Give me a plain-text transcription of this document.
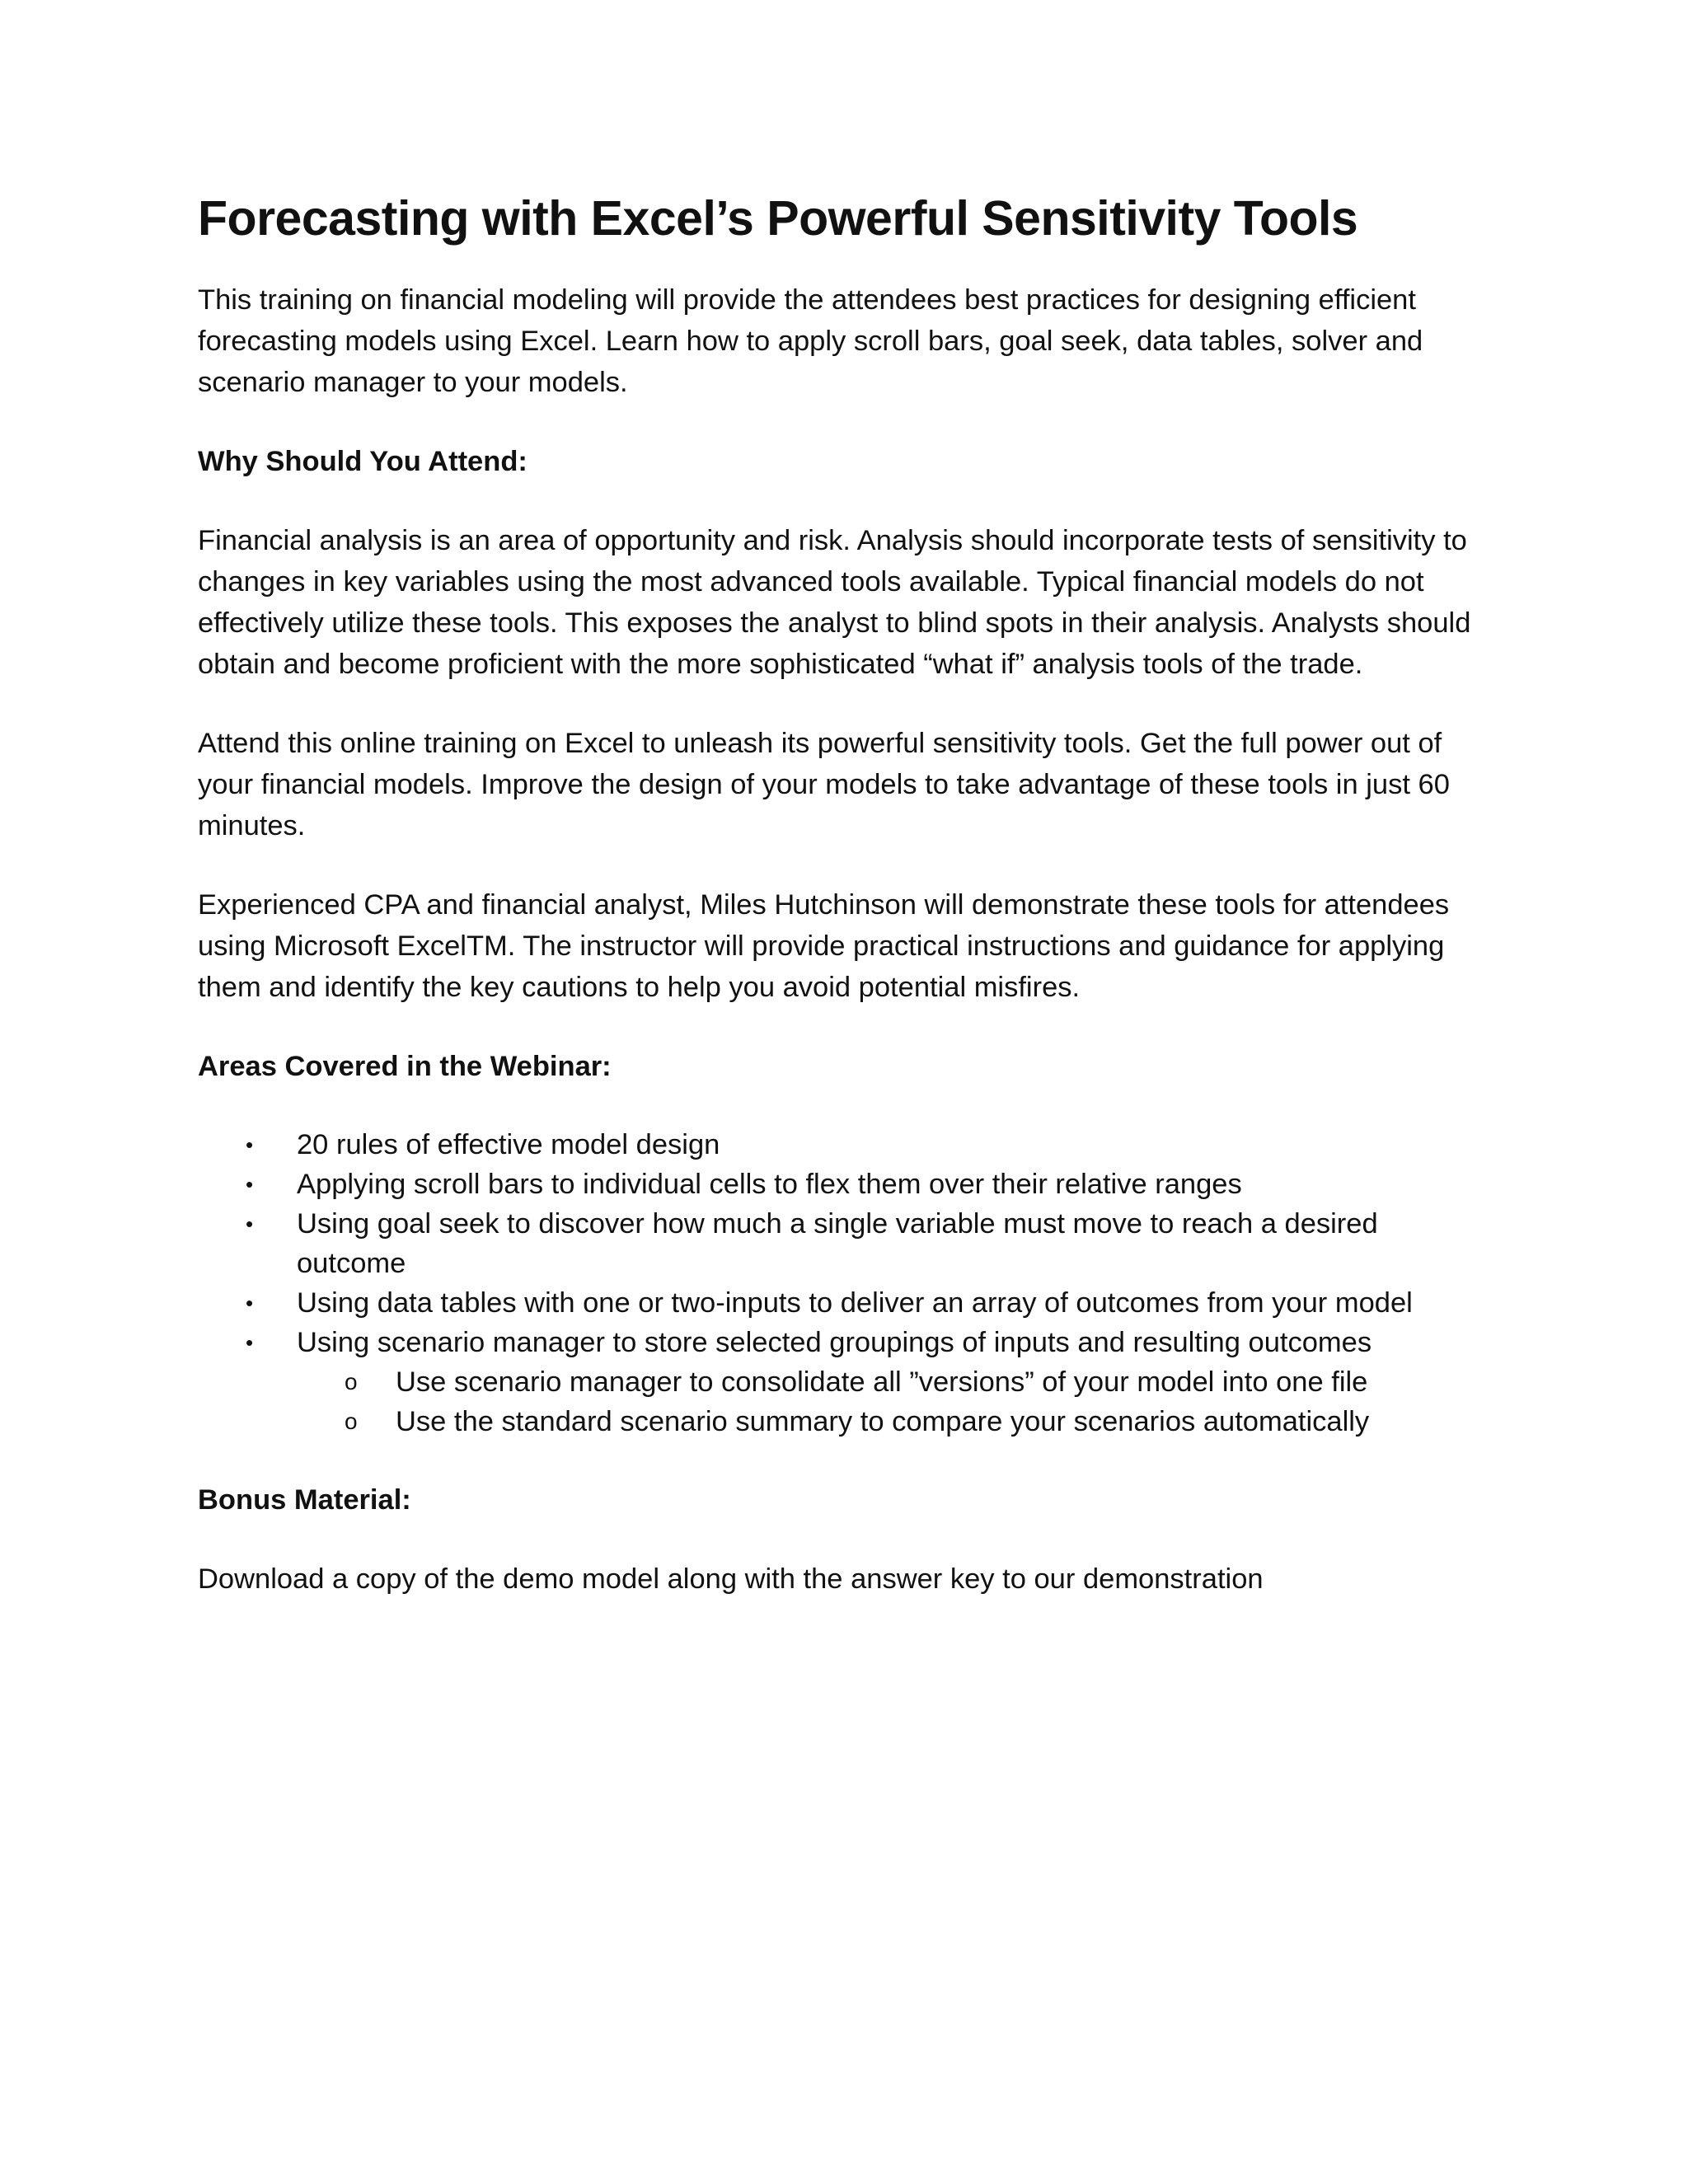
Forecasting with Excel’s Powerful Sensitivity Tools

This training on financial modeling will provide the attendees best practices for designing efficient forecasting models using Excel. Learn how to apply scroll bars, goal seek, data tables, solver and scenario manager to your models.

Why Should You Attend:

Financial analysis is an area of opportunity and risk. Analysis should incorporate tests of sensitivity to changes in key variables using the most advanced tools available. Typical financial models do not effectively utilize these tools. This exposes the analyst to blind spots in their analysis. Analysts should obtain and become proficient with the more sophisticated “what if” analysis tools of the trade.

Attend this online training on Excel to unleash its powerful sensitivity tools. Get the full power out of your financial models. Improve the design of your models to take advantage of these tools in just 60 minutes.

Experienced CPA and financial analyst, Miles Hutchinson will demonstrate these tools for attendees using Microsoft ExcelTM. The instructor will provide practical instructions and guidance for applying them and identify the key cautions to help you avoid potential misfires.

Areas Covered in the Webinar:

• 20 rules of effective model design
• Applying scroll bars to individual cells to flex them over their relative ranges
• Using goal seek to discover how much a single variable must move to reach a desired outcome
• Using data tables with one or two-inputs to deliver an array of outcomes from your model
• Using scenario manager to store selected groupings of inputs and resulting outcomes
o Use scenario manager to consolidate all ”versions” of your model into one file
o Use the standard scenario summary to compare your scenarios automatically

Bonus Material:

Download a copy of the demo model along with the answer key to our demonstration
